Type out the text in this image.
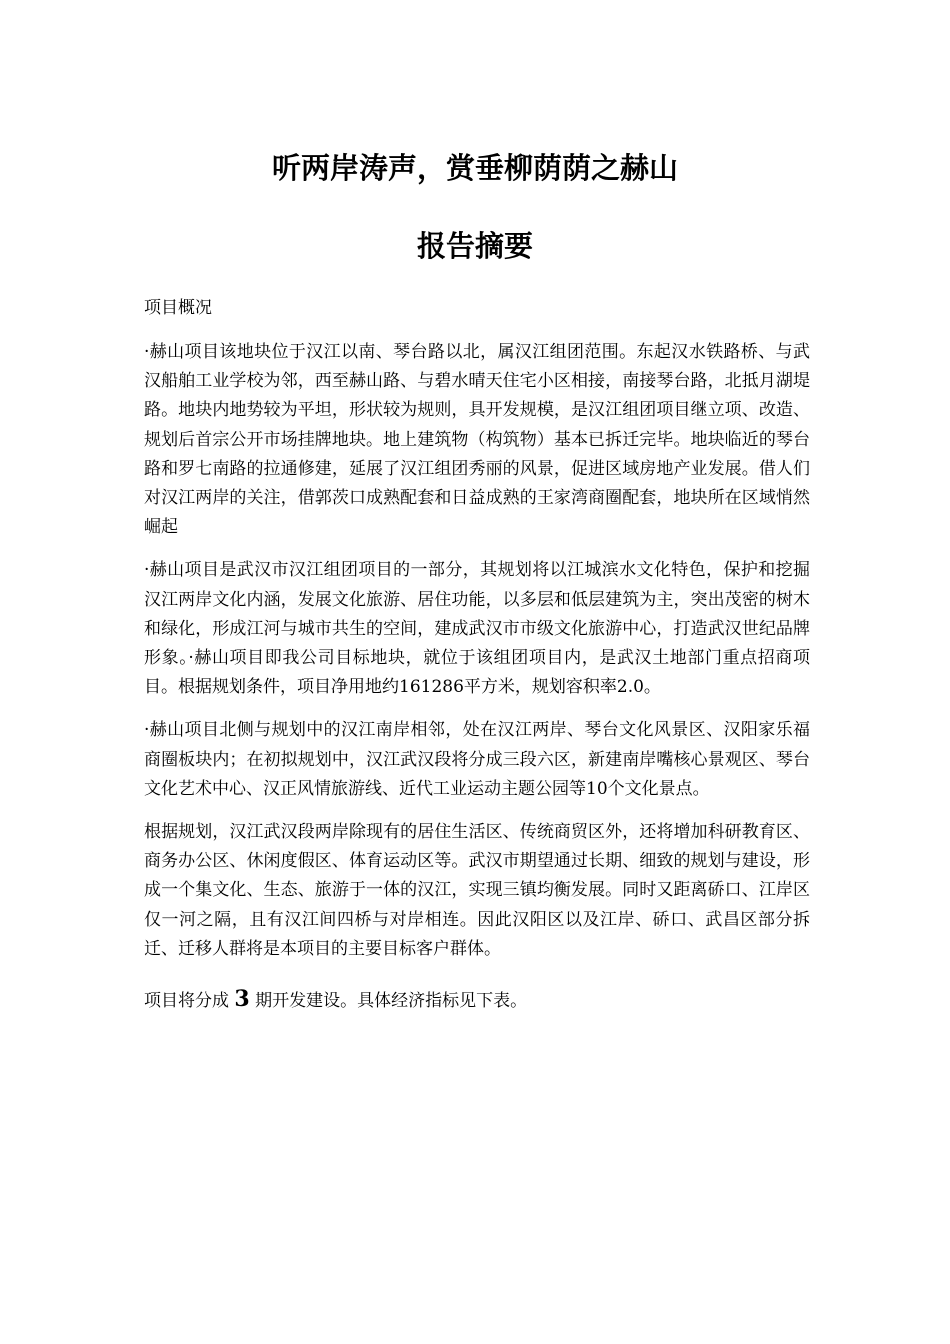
听两岸涛声，赏垂柳荫荫之赫山
报告摘要

项目概况

·赫山项目该地块位于汉江以南、琴台路以北，属汉江组团范围。东起汉水铁路桥、与武汉船舶工业学校为邻，西至赫山路、与碧水晴天住宅小区相接，南接琴台路，北抵月湖堤路。地块内地势较为平坦，形状较为规则，具开发规模，是汉江组团项目继立项、改造、规划后首宗公开市场挂牌地块。地上建筑物（构筑物）基本已拆迁完毕。地块临近的琴台路和罗七南路的拉通修建，延展了汉江组团秀丽的风景，促进区域房地产业发展。借人们对汉江两岸的关注，借郭茨口成熟配套和日益成熟的王家湾商圈配套，地块所在区域悄然崛起

·赫山项目是武汉市汉江组团项目的一部分，其规划将以江城滨水文化特色，保护和挖掘汉江两岸文化内涵，发展文化旅游、居住功能，以多层和低层建筑为主，突出茂密的树木和绿化，形成江河与城市共生的空间，建成武汉市市级文化旅游中心，打造武汉世纪品牌形象。·赫山项目即我公司目标地块，就位于该组团项目内，是武汉土地部门重点招商项目。根据规划条件，项目净用地约161286平方米，规划容积率2.0。

·赫山项目北侧与规划中的汉江南岸相邻，处在汉江两岸、琴台文化风景区、汉阳家乐福商圈板块内；在初拟规划中，汉江武汉段将分成三段六区，新建南岸嘴核心景观区、琴台文化艺术中心、汉正风情旅游线、近代工业运动主题公园等10个文化景点。

根据规划，汉江武汉段两岸除现有的居住生活区、传统商贸区外，还将增加科研教育区、商务办公区、休闲度假区、体育运动区等。武汉市期望通过长期、细致的规划与建设，形成一个集文化、生态、旅游于一体的汉江，实现三镇均衡发展。同时又距离硚口、江岸区仅一河之隔，且有汉江间四桥与对岸相连。因此汉阳区以及江岸、硚口、武昌区部分拆迁、迁移人群将是本项目的主要目标客户群体。

项目将分成 3 期开发建设。具体经济指标见下表。
